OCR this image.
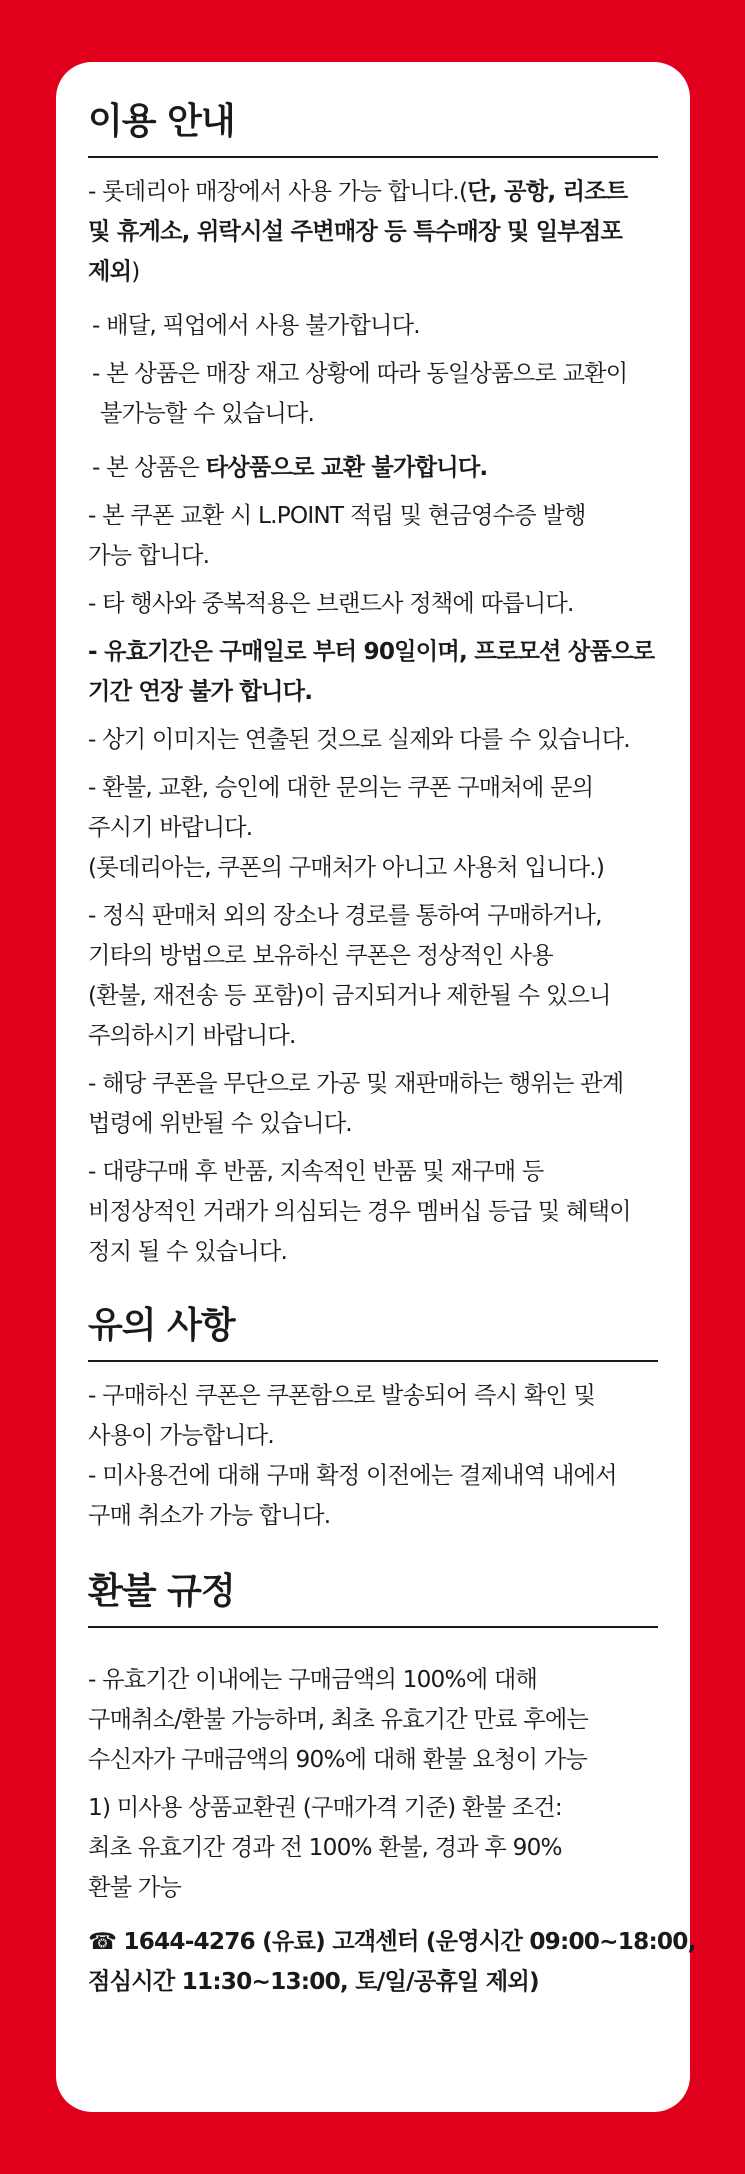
이용 안내

- 롯데리아 매장에서 사용 가능 합니다.(단, 공항, 리조트

및 휴게소, 위락시설 주변매장 등 특수매장 및 일부점포

제외)

- 배달, 픽업에서 사용 불가합니다.

- 본 상품은 매장 재고 상황에 따라 동일상품으로 교환이

불가능할 수 있습니다.

- 본 상품은 타상품으로 교환 불가합니다.

- 본 쿠폰 교환 시 L.POINT 적립 및 현금영수증 발행

가능 합니다.

- 타 행사와 중복적용은 브랜드사 정책에 따릅니다.

- 유효기간은 구매일로 부터 90일이며, 프로모션 상품으로

기간 연장 불가 합니다.

- 상기 이미지는 연출된 것으로 실제와 다를 수 있습니다.

- 환불, 교환, 승인에 대한 문의는 쿠폰 구매처에 문의

주시기 바랍니다.

(롯데리아는, 쿠폰의 구매처가 아니고 사용처 입니다.)

- 정식 판매처 외의 장소나 경로를 통하여 구매하거나,

기타의 방법으로 보유하신 쿠폰은 정상적인 사용

(환불, 재전송 등 포함)이 금지되거나 제한될 수 있으니

주의하시기 바랍니다.

- 해당 쿠폰을 무단으로 가공 및 재판매하는 행위는 관계

법령에 위반될 수 있습니다.

- 대량구매 후 반품, 지속적인 반품 및 재구매 등

비정상적인 거래가 의심되는 경우 멤버십 등급 및 혜택이

정지 될 수 있습니다.

유의 사항

- 구매하신 쿠폰은 쿠폰함으로 발송되어 즉시 확인 및

사용이 가능합니다.

- 미사용건에 대해 구매 확정 이전에는 결제내역 내에서

구매 취소가 가능 합니다.

환불 규정

- 유효기간 이내에는 구매금액의 100%에 대해

구매취소/환불 가능하며, 최초 유효기간 만료 후에는

수신자가 구매금액의 90%에 대해 환불 요청이 가능

1) 미사용 상품교환권 (구매가격 기준) 환불 조건:

최초 유효기간 경과 전 100% 환불, 경과 후 90%

환불 가능

☎ 1644-4276 (유료) 고객센터 (운영시간 09:00~18:00,

점심시간 11:30~13:00, 토/일/공휴일 제외)
